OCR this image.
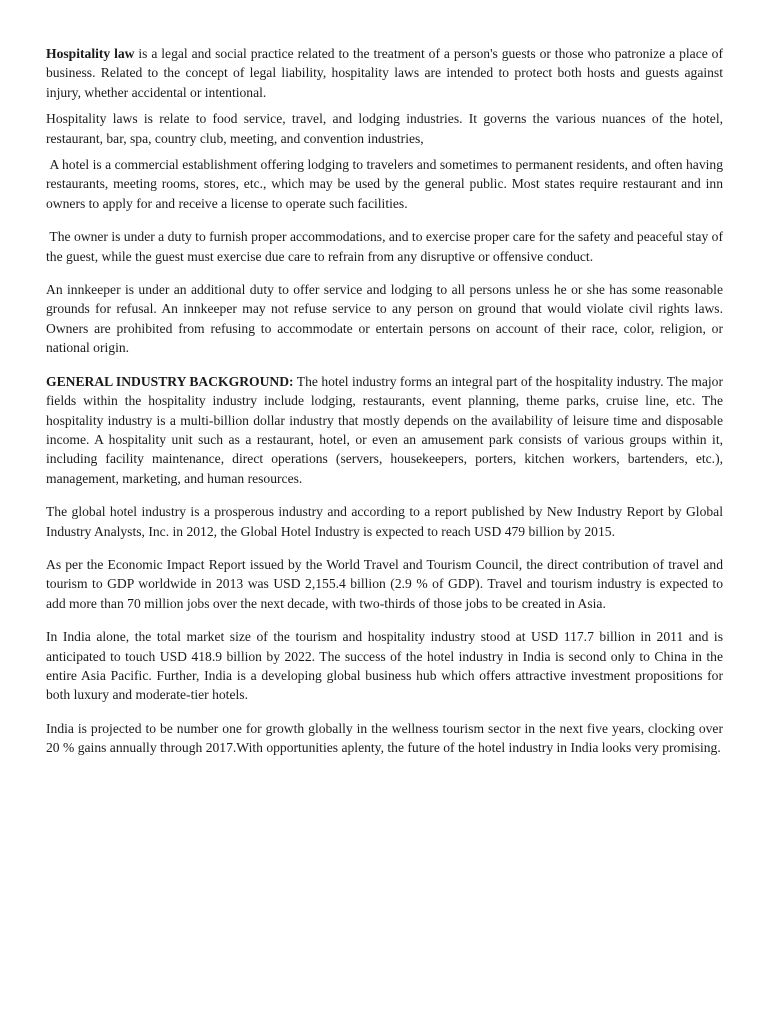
Hospitality law is a legal and social practice related to the treatment of a person's guests or those who patronize a place of business. Related to the concept of legal liability, hospitality laws are intended to protect both hosts and guests against injury, whether accidental or intentional.

Hospitality laws is relate to food service, travel, and lodging industries. It governs the various nuances of the hotel, restaurant, bar, spa, country club, meeting, and convention industries,

A hotel is a commercial establishment offering lodging to travelers and sometimes to permanent residents, and often having restaurants, meeting rooms, stores, etc., which may be used by the general public. Most states require restaurant and inn owners to apply for and receive a license to operate such facilities.

The owner is under a duty to furnish proper accommodations, and to exercise proper care for the safety and peaceful stay of the guest, while the guest must exercise due care to refrain from any disruptive or offensive conduct.

An innkeeper is under an additional duty to offer service and lodging to all persons unless he or she has some reasonable grounds for refusal. An innkeeper may not refuse service to any person on ground that would violate civil rights laws. Owners are prohibited from refusing to accommodate or entertain persons on account of their race, color, religion, or national origin.

GENERAL INDUSTRY BACKGROUND: The hotel industry forms an integral part of the hospitality industry. The major fields within the hospitality industry include lodging, restaurants, event planning, theme parks, cruise line, etc. The hospitality industry is a multi-billion dollar industry that mostly depends on the availability of leisure time and disposable income. A hospitality unit such as a restaurant, hotel, or even an amusement park consists of various groups within it, including facility maintenance, direct operations (servers, housekeepers, porters, kitchen workers, bartenders, etc.), management, marketing, and human resources.

The global hotel industry is a prosperous industry and according to a report published by New Industry Report by Global Industry Analysts, Inc. in 2012, the Global Hotel Industry is expected to reach USD 479 billion by 2015.

As per the Economic Impact Report issued by the World Travel and Tourism Council, the direct contribution of travel and tourism to GDP worldwide in 2013 was USD 2,155.4 billion (2.9 % of GDP). Travel and tourism industry is expected to add more than 70 million jobs over the next decade, with two-thirds of those jobs to be created in Asia.

In India alone, the total market size of the tourism and hospitality industry stood at USD 117.7 billion in 2011 and is anticipated to touch USD 418.9 billion by 2022. The success of the hotel industry in India is second only to China in the entire Asia Pacific. Further, India is a developing global business hub which offers attractive investment propositions for both luxury and moderate-tier hotels.

India is projected to be number one for growth globally in the wellness tourism sector in the next five years, clocking over 20 % gains annually through 2017.With opportunities aplenty, the future of the hotel industry in India looks very promising.
